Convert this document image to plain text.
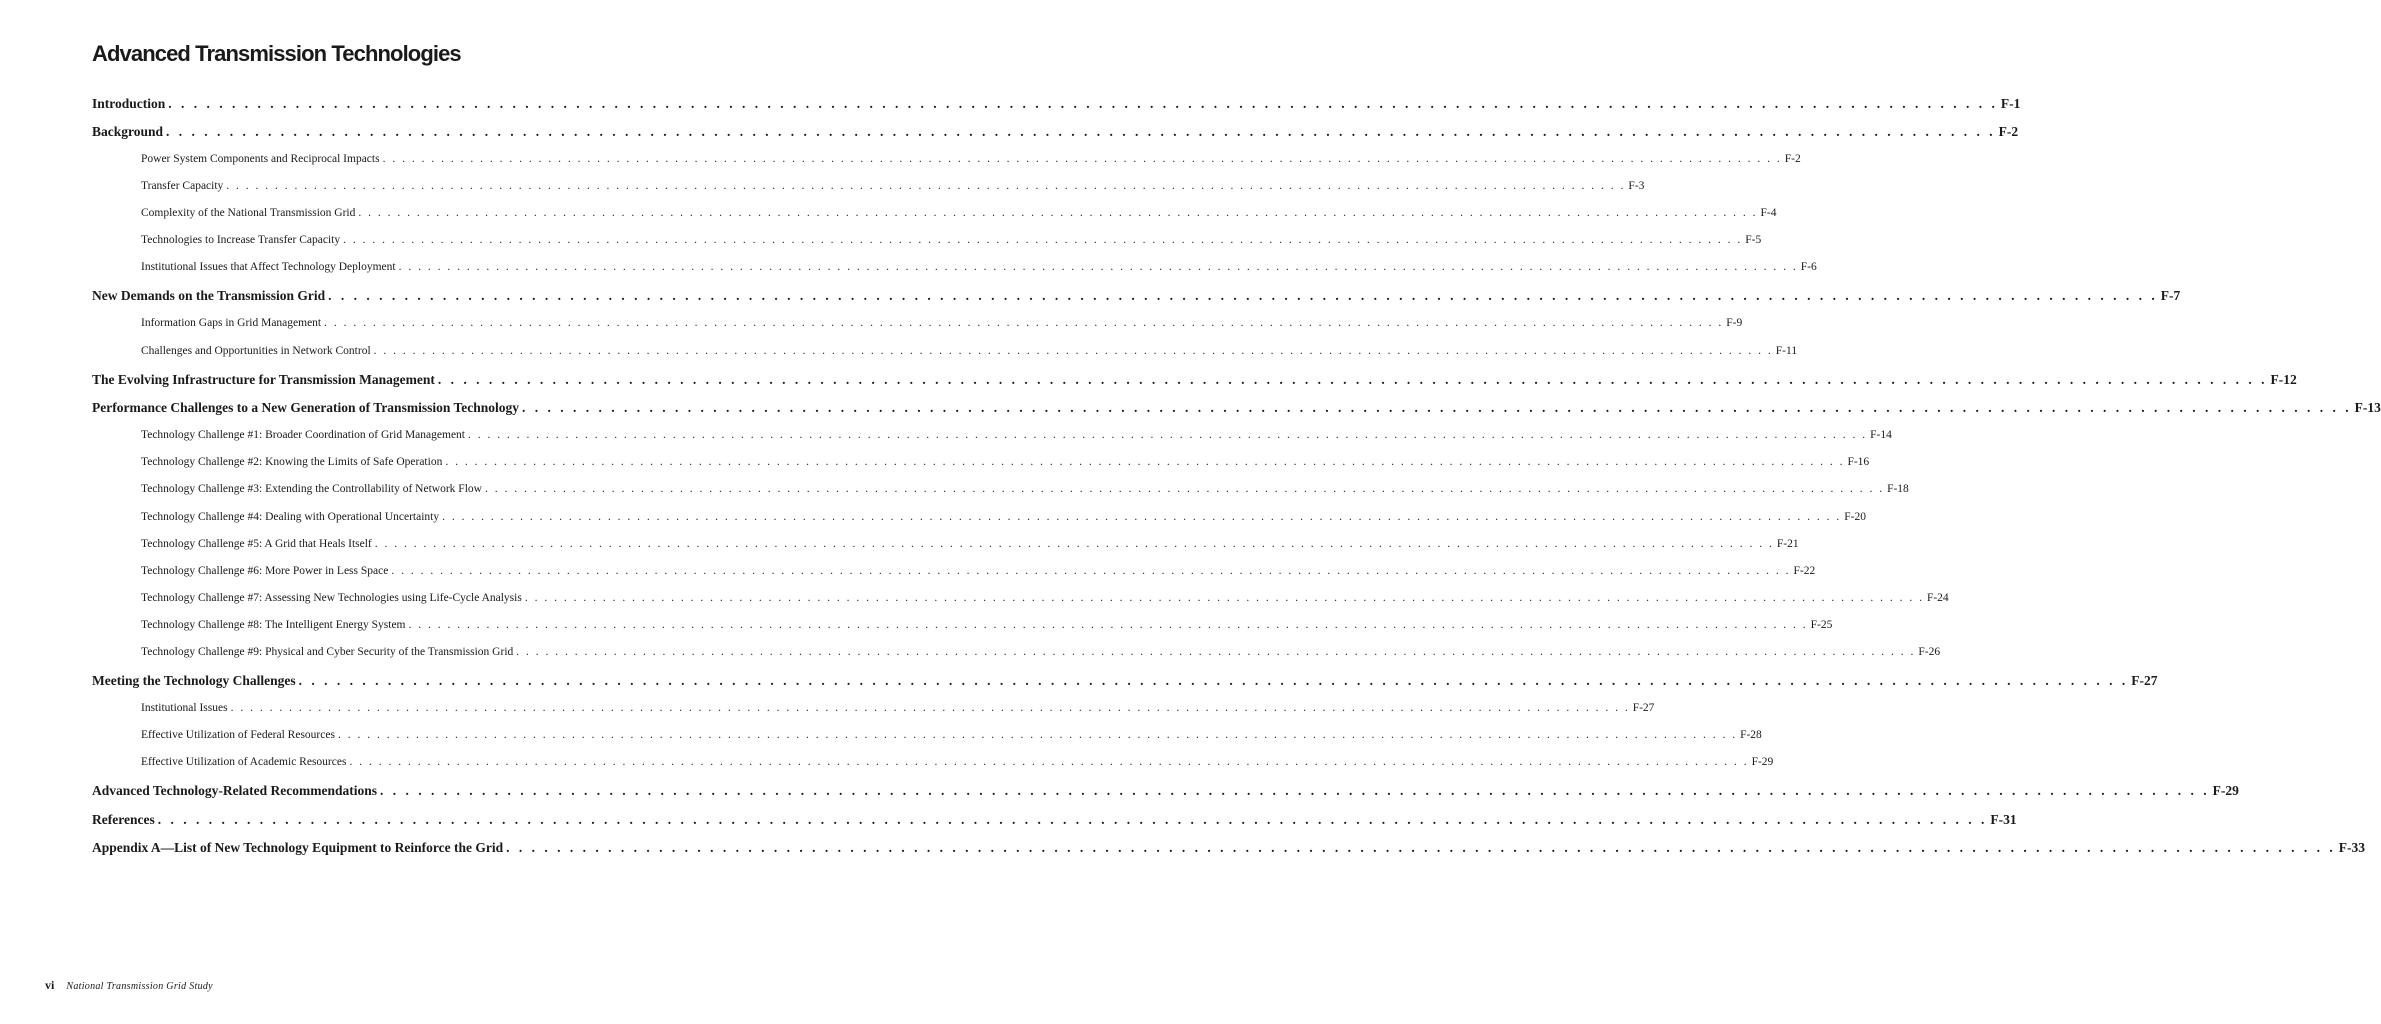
Advanced Transmission Technologies
Introduction . . . . . . . . . . . . . . . . . . . . . . . . . . . . . . . . . . . . . . . . . . . . . . . . . . . . . . . . . . . . . . . . . . . . . . . . . . . . . . . . . . . . . . . . . . . . . . . . . . . . . . . . . . . . . . . . . . . . . . . . . . . . . . . . . . . . . . . . . . . . . . . . F-1
Background . . . . . . . . . . . . . . . . . . . . . . . . . . . . . . . . . . . . . . . . . . . . . . . . . . . . . . . . . . . . . . . . . . . . . . . . . . . . . . . . . . . . . . . . . . . . . . . . . . . . . . . . . . . . . . . . . . . . . . . . . . . . . . . . . . . . . . . . . . . . . . . . F-2
Power System Components and Reciprocal Impacts . . . . . . . . . . . . . . . . . . . . . . . . . . . . . . . . . . . . . . . . . . . . . . . . . . . . . . . . . . . . . . . . . . . . . . . . . . . . . . . . . . . . . . . . . . . . . . . . . . . . . . . . . . . . . . . . . . . . . . . . . . . . . . . . . . . . . . . . . . . . . . . . F-2
Transfer Capacity . . . . . . . . . . . . . . . . . . . . . . . . . . . . . . . . . . . . . . . . . . . . . . . . . . . . . . . . . . . . . . . . . . . . . . . . . . . . . . . . . . . . . . . . . . . . . . . . . . . . . . . . . . . . . . . . . . . . . . . . . . . . . . . . . . . . . . . . . . . . . . . . F-3
Complexity of the National Transmission Grid . . . . . . . . . . . . . . . . . . . . . . . . . . . . . . . . . . . . . . . . . . . . . . . . . . . . . . . . . . . . . . . . . . . . . . . . . . . . . . . . . . . . . . . . . . . . . . . . . . . . . . . . . . . . . . . . . . . . . . . . . . . . . . . . . . . . . . . . . . . . . . . . F-4
Technologies to Increase Transfer Capacity . . . . . . . . . . . . . . . . . . . . . . . . . . . . . . . . . . . . . . . . . . . . . . . . . . . . . . . . . . . . . . . . . . . . . . . . . . . . . . . . . . . . . . . . . . . . . . . . . . . . . . . . . . . . . . . . . . . . . . . . . . . . . . . . . . . . . . . . . . . . . . . . F-5
Institutional Issues that Affect Technology Deployment . . . . . . . . . . . . . . . . . . . . . . . . . . . . . . . . . . . . . . . . . . . . . . . . . . . . . . . . . . . . . . . . . . . . . . . . . . . . . . . . . . . . . . . . . . . . . . . . . . . . . . . . . . . . . . . . . . . . . . . . . . . . . . . . . . . . . . . . . . . . . . . . F-6
New Demands on the Transmission Grid . . . . . . . . . . . . . . . . . . . . . . . . . . . . . . . . . . . . . . . . . . . . . . . . . . . . . . . . . . . . . . . . . . . . . . . . . . . . . . . . . . . . . . . . . . . . . . . . . . . . . . . . . . . . . . . . . . . . . . . . . . . . . . . . . . . . . . . . . . . . . . . . F-7
Information Gaps in Grid Management . . . . . . . . . . . . . . . . . . . . . . . . . . . . . . . . . . . . . . . . . . . . . . . . . . . . . . . . . . . . . . . . . . . . . . . . . . . . . . . . . . . . . . . . . . . . . . . . . . . . . . . . . . . . . . . . . . . . . . . . . . . . . . . . . . . . . . . . . . . . . . . . F-9
Challenges and Opportunities in Network Control . . . . . . . . . . . . . . . . . . . . . . . . . . . . . . . . . . . . . . . . . . . . . . . . . . . . . . . . . . . . . . . . . . . . . . . . . . . . . . . . . . . . . . . . . . . . . . . . . . . . . . . . . . . . . . . . . . . . . . . . . . . . . . . . . . . . . . . . . . . . . . . . F-11
The Evolving Infrastructure for Transmission Management . . . . . . . . . . . . . . . . . . . . . . . . . . . . . . . . . . . . . . . . . . . . . . . . . . . . . . . . . . . . . . . . . . . . . . . . . . . . . . . . . . . . . . . . . . . . . . . . . . . . . . . . . . . . . . . . . . . . . . . . . . . . . . . . . . . . . . . . . . . . . . . . F-12
Performance Challenges to a New Generation of Transmission Technology . . . . . . . . . . . . . . . . . . . . . . . . . . . . . . . . . . . . . . . . . . . . . . . . . . . . . . . . . . . . . . . . . . . . . . . . . . . . . . . . . . . . . . . . . . . . . . . . . . . . . . . . . . . . . . . . . . . . . . . . . . . . . . . . . . . . . . . . . . . . . . . . F-13
Technology Challenge #1: Broader Coordination of Grid Management . . . . . . . . . . . . . . . . . . . . . . . . . . . . . . . . . . . . . . . . . . . . . . . . . . . . . . . . . . . . . . . . . . . . . . . . . . . . . . . . . . . . . . . . . . . . . . . . . . . . . . . . . . . . . . . . . . . . . . . . . . . . . . . . . . . . . . . . . . . . . . . . F-14
Technology Challenge #2: Knowing the Limits of Safe Operation . . . . . . . . . . . . . . . . . . . . . . . . . . . . . . . . . . . . . . . . . . . . . . . . . . . . . . . . . . . . . . . . . . . . . . . . . . . . . . . . . . . . . . . . . . . . . . . . . . . . . . . . . . . . . . . . . . . . . . . . . . . . . . . . . . . . . . . . . . . . . . . . F-16
Technology Challenge #3: Extending the Controllability of Network Flow . . . . . . . . . . . . . . . . . . . . . . . . . . . . . . . . . . . . . . . . . . . . . . . . . . . . . . . . . . . . . . . . . . . . . . . . . . . . . . . . . . . . . . . . . . . . . . . . . . . . . . . . . . . . . . . . . . . . . . . . . . . . . . . . . . . . . . . . . . . . . . . . F-18
Technology Challenge #4: Dealing with Operational Uncertainty . . . . . . . . . . . . . . . . . . . . . . . . . . . . . . . . . . . . . . . . . . . . . . . . . . . . . . . . . . . . . . . . . . . . . . . . . . . . . . . . . . . . . . . . . . . . . . . . . . . . . . . . . . . . . . . . . . . . . . . . . . . . . . . . . . . . . . . . . . . . . . . . F-20
Technology Challenge #5: A Grid that Heals Itself . . . . . . . . . . . . . . . . . . . . . . . . . . . . . . . . . . . . . . . . . . . . . . . . . . . . . . . . . . . . . . . . . . . . . . . . . . . . . . . . . . . . . . . . . . . . . . . . . . . . . . . . . . . . . . . . . . . . . . . . . . . . . . . . . . . . . . . . . . . . . . . . F-21
Technology Challenge #6: More Power in Less Space . . . . . . . . . . . . . . . . . . . . . . . . . . . . . . . . . . . . . . . . . . . . . . . . . . . . . . . . . . . . . . . . . . . . . . . . . . . . . . . . . . . . . . . . . . . . . . . . . . . . . . . . . . . . . . . . . . . . . . . . . . . . . . . . . . . . . . . . . . . . . . . . F-22
Technology Challenge #7: Assessing New Technologies using Life-Cycle Analysis . . . . . . . . . . . . . . . . . . . . . . . . . . . . . . . . . . . . . . . . . . . . . . . . . . . . . . . . . . . . . . . . . . . . . . . . . . . . . . . . . . . . . . . . . . . . . . . . . . . . . . . . . . . . . . . . . . . . . . . . . . . . . . . . . . . . . . . . . . . . . . . . F-24
Technology Challenge #8: The Intelligent Energy System . . . . . . . . . . . . . . . . . . . . . . . . . . . . . . . . . . . . . . . . . . . . . . . . . . . . . . . . . . . . . . . . . . . . . . . . . . . . . . . . . . . . . . . . . . . . . . . . . . . . . . . . . . . . . . . . . . . . . . . . . . . . . . . . . . . . . . . . . . . . . . . . F-25
Technology Challenge #9: Physical and Cyber Security of the Transmission Grid . . . . . . . . . . . . . . . . . . . . . . . . . . . . . . . . . . . . . . . . . . . . . . . . . . . . . . . . . . . . . . . . . . . . . . . . . . . . . . . . . . . . . . . . . . . . . . . . . . . . . . . . . . . . . . . . . . . . . . . . . . . . . . . . . . . . . . . . . . . . . . . . F-26
Meeting the Technology Challenges . . . . . . . . . . . . . . . . . . . . . . . . . . . . . . . . . . . . . . . . . . . . . . . . . . . . . . . . . . . . . . . . . . . . . . . . . . . . . . . . . . . . . . . . . . . . . . . . . . . . . . . . . . . . . . . . . . . . . . . . . . . . . . . . . . . . . . . . . . . . . . . . F-27
Institutional Issues . . . . . . . . . . . . . . . . . . . . . . . . . . . . . . . . . . . . . . . . . . . . . . . . . . . . . . . . . . . . . . . . . . . . . . . . . . . . . . . . . . . . . . . . . . . . . . . . . . . . . . . . . . . . . . . . . . . . . . . . . . . . . . . . . . . . . . . . . . . . . . . . F-27
Effective Utilization of Federal Resources . . . . . . . . . . . . . . . . . . . . . . . . . . . . . . . . . . . . . . . . . . . . . . . . . . . . . . . . . . . . . . . . . . . . . . . . . . . . . . . . . . . . . . . . . . . . . . . . . . . . . . . . . . . . . . . . . . . . . . . . . . . . . . . . . . . . . . . . . . . . . . . . F-28
Effective Utilization of Academic Resources . . . . . . . . . . . . . . . . . . . . . . . . . . . . . . . . . . . . . . . . . . . . . . . . . . . . . . . . . . . . . . . . . . . . . . . . . . . . . . . . . . . . . . . . . . . . . . . . . . . . . . . . . . . . . . . . . . . . . . . . . . . . . . . . . . . . . . . . . . . . . . . . F-29
Advanced Technology-Related Recommendations . . . . . . . . . . . . . . . . . . . . . . . . . . . . . . . . . . . . . . . . . . . . . . . . . . . . . . . . . . . . . . . . . . . . . . . . . . . . . . . . . . . . . . . . . . . . . . . . . . . . . . . . . . . . . . . . . . . . . . . . . . . . . . . . . . . . . . . . . . . . . . . . F-29
References . . . . . . . . . . . . . . . . . . . . . . . . . . . . . . . . . . . . . . . . . . . . . . . . . . . . . . . . . . . . . . . . . . . . . . . . . . . . . . . . . . . . . . . . . . . . . . . . . . . . . . . . . . . . . . . . . . . . . . . . . . . . . . . . . . . . . . . . . . . . . . . . F-31
Appendix A—List of New Technology Equipment to Reinforce the Grid . . . . . . . . . . . . . . . . . . . . . . . . . . . . . . . . . . . . . . . . . . . . . . . . . . . . . . . . . . . . . . . . . . . . . . . . . . . . . . . . . . . . . . . . . . . . . . . . . . . . . . . . . . . . . . . . . . . . . . . . . . . . . . . . . . . . . . . . . . . . . . . . F-33
vi National Transmission Grid Study
